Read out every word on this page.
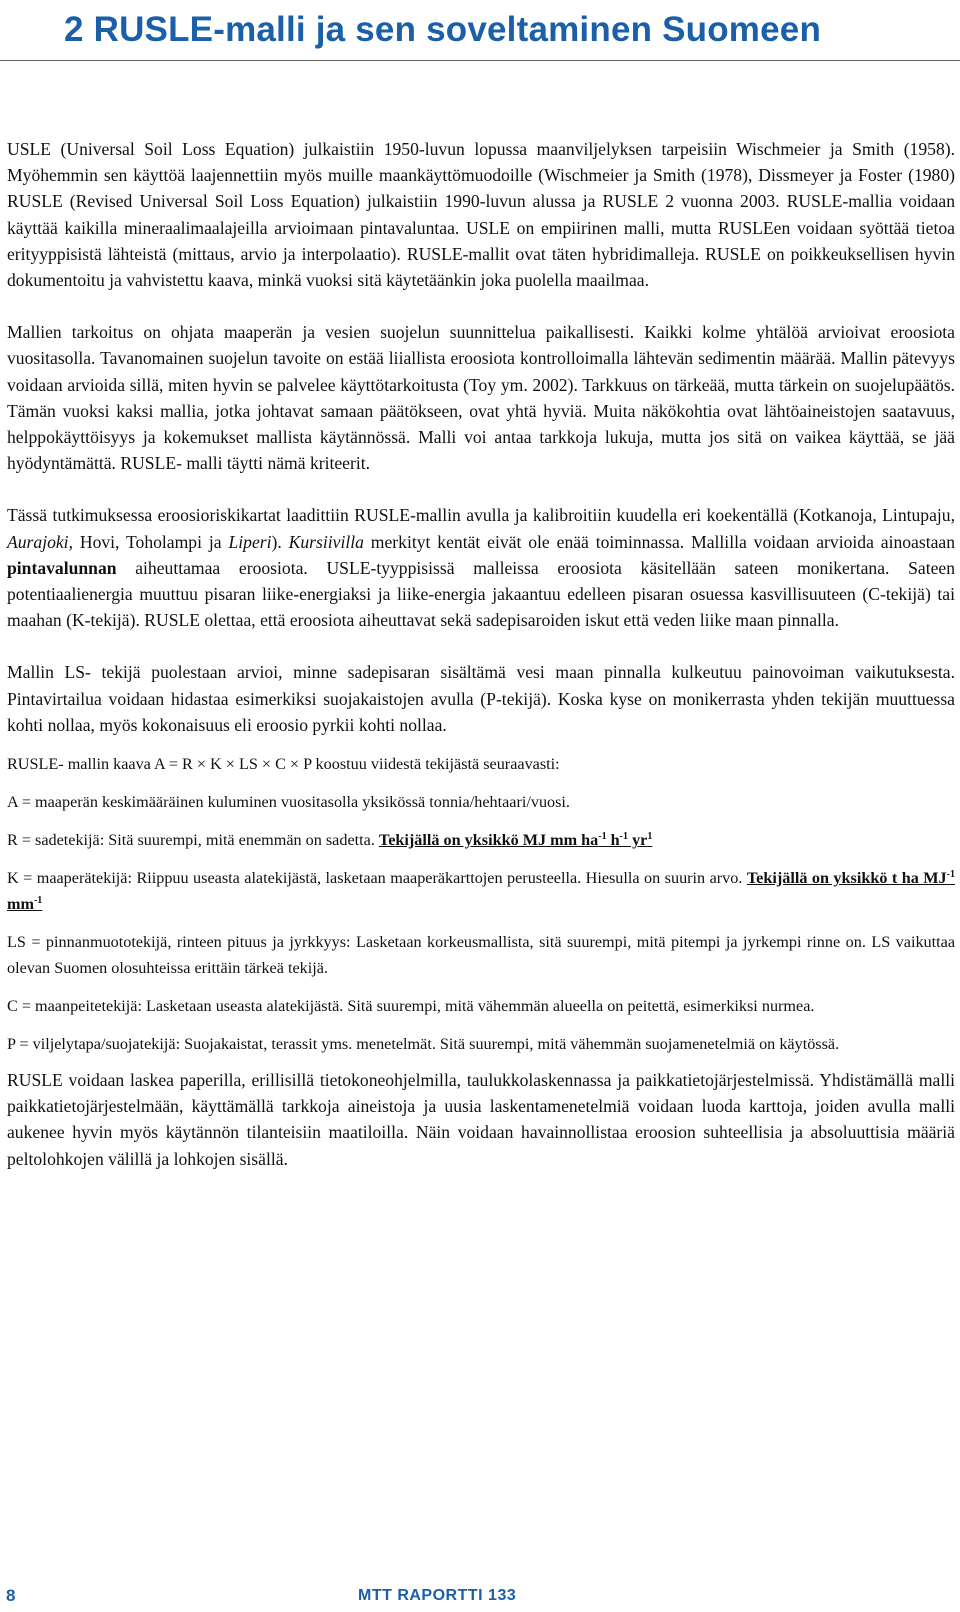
2 RUSLE-malli ja sen soveltaminen Suomeen

USLE (Universal Soil Loss Equation) julkaistiin 1950-luvun lopussa maanviljelyksen tarpeisiin Wischmeier ja Smith (1958). Myöhemmin sen käyttöä laajennettiin myös muille maankäyttömuodoille (Wischmeier ja Smith (1978), Dissmeyer ja Foster (1980) RUSLE (Revised Universal Soil Loss Equation) julkaistiin 1990-luvun alussa ja RUSLE 2 vuonna 2003. RUSLE-mallia voidaan käyttää kaikilla mineraalimaalajeilla arvioimaan pintavaluntaa. USLE on empiirinen malli, mutta RUSLEen voidaan syöttää tietoa erityyppisistä lähteistä (mittaus, arvio ja interpolaatio). RUSLE-mallit ovat täten hybridimalleja. RUSLE on poikkeuksellisen hyvin dokumentoitu ja vahvistettu kaava, minkä vuoksi sitä käytetäänkin joka puolella maailmaa.

Mallien tarkoitus on ohjata maaperän ja vesien suojelun suunnittelua paikallisesti. Kaikki kolme yhtälöä arvioivat eroosiota vuositasolla. Tavanomainen suojelun tavoite on estää liiallista eroosiota kontrolloimalla lähtevän sedimentin määrää. Mallin pätevyys voidaan arvioida sillä, miten hyvin se palvelee käyttötarkoitusta (Toy ym. 2002). Tarkkuus on tärkeää, mutta tärkein on suojelupäätös. Tämän vuoksi kaksi mallia, jotka johtavat samaan päätökseen, ovat yhtä hyviä. Muita näkökohtia ovat lähtöaineistojen saatavuus, helppokäyttöisyys ja kokemukset mallista käytännössä. Malli voi antaa tarkkoja lukuja, mutta jos sitä on vaikea käyttää, se jää hyödyntämättä. RUSLE- malli täytti nämä kriteerit.

Tässä tutkimuksessa eroosioriskikartat laadittiin RUSLE-mallin avulla ja kalibroitiin kuudella eri koekentällä (Kotkanoja, Lintupaju, Aurajoki, Hovi, Toholampi ja Liperi). Kursiivilla merkityt kentät eivät ole enää toiminnassa. Mallilla voidaan arvioida ainoastaan pintavalunnan aiheuttamaa eroosiota. USLE-tyyppisissä malleissa eroosiota käsitellään sateen monikertana. Sateen potentiaalienergia muuttuu pisaran liike-energiaksi ja liike-energia jakaantuu edelleen pisaran osuessa kasvillisuuteen (C-tekijä) tai maahan (K-tekijä). RUSLE olettaa, että eroosiota aiheuttavat sekä sadepisaroiden iskut että veden liike maan pinnalla.

Mallin LS- tekijä puolestaan arvioi, minne sadepisaran sisältämä vesi maan pinnalla kulkeutuu painovoiman vaikutuksesta. Pintavirtailua voidaan hidastaa esimerkiksi suojakaistojen avulla (P-tekijä). Koska kyse on monikerrasta yhden tekijän muuttuessa kohti nollaa, myös kokonaisuus eli eroosio pyrkii kohti nollaa.

RUSLE- mallin kaava A = R × K × LS × C × P koostuu viidestä tekijästä seuraavasti:
A = maaperän keskimääräinen kuluminen vuositasolla yksikössä tonnia/hehtaari/vuosi.
R = sadetekijä: Sitä suurempi, mitä enemmän on sadetta. Tekijällä on yksikkö MJ mm $ha^{-1}$ $h^{-1}$ $yr^1$
K = maaperätekijä: Riippuu useasta alatekijästä, lasketaan maaperäkarttojen perusteella. Hiesulla on suurin arvo. Tekijällä on yksikkö t ha $MJ^{-1}$ $mm^{-1}$
LS = pinnanmuototekijä, rinteen pituus ja jyrkkyys: Lasketaan korkeusmallista, sitä suurempi, mitä pitempi ja jyrkempi rinne on. LS vaikuttaa olevan Suomen olosuhteissa erittäin tärkeä tekijä.
C = maanpeitetekijä: Lasketaan useasta alatekijästä. Sitä suurempi, mitä vähemmän alueella on peitettä, esimerkiksi nurmea.
P = viljelytapa/suojatekijä: Suojakaistat, terassit yms. menetelmät. Sitä suurempi, mitä vähemmän suojamenetelmiä on käytössä.

RUSLE voidaan laskea paperilla, erillisillä tietokoneohjelmilla, taulukkolaskennassa ja paikkatietojärjestelmissä. Yhdistämällä malli paikkatietojärjestelmään, käyttämällä tarkkoja aineistoja ja uusia laskentamenetelmiä voidaan luoda karttoja, joiden avulla malli aukenee hyvin myös käytännön tilanteisiin maatiloilla. Näin voidaan havainnollistaa eroosion suhteellisia ja absoluuttisia määriä peltolohkojen välillä ja lohkojen sisällä.

8	MTT RAPORTTI 133
